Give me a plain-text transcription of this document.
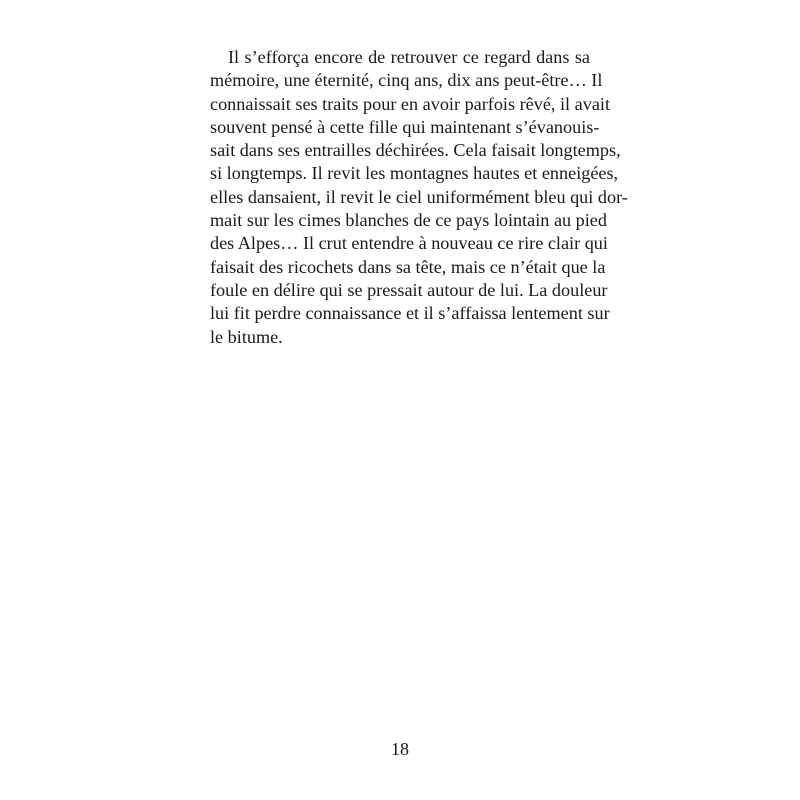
Il s’efforça encore de retrouver ce regard dans sa
mémoire, une éternité, cinq ans, dix ans peut-être… Il
connaissait ses traits pour en avoir parfois rêvé, il avait
souvent pensé à cette fille qui maintenant s’évanouis-
sait dans ses entrailles déchirées. Cela faisait longtemps,
si longtemps. Il revit les montagnes hautes et enneigées,
elles dansaient, il revit le ciel uniformément bleu qui dor-
mait sur les cimes blanches de ce pays lointain au pied
des Alpes… Il crut entendre à nouveau ce rire clair qui
faisait des ricochets dans sa tête, mais ce n’était que la
foule en délire qui se pressait autour de lui. La douleur
lui fit perdre connaissance et il s’affaissa lentement sur
le bitume.
18
